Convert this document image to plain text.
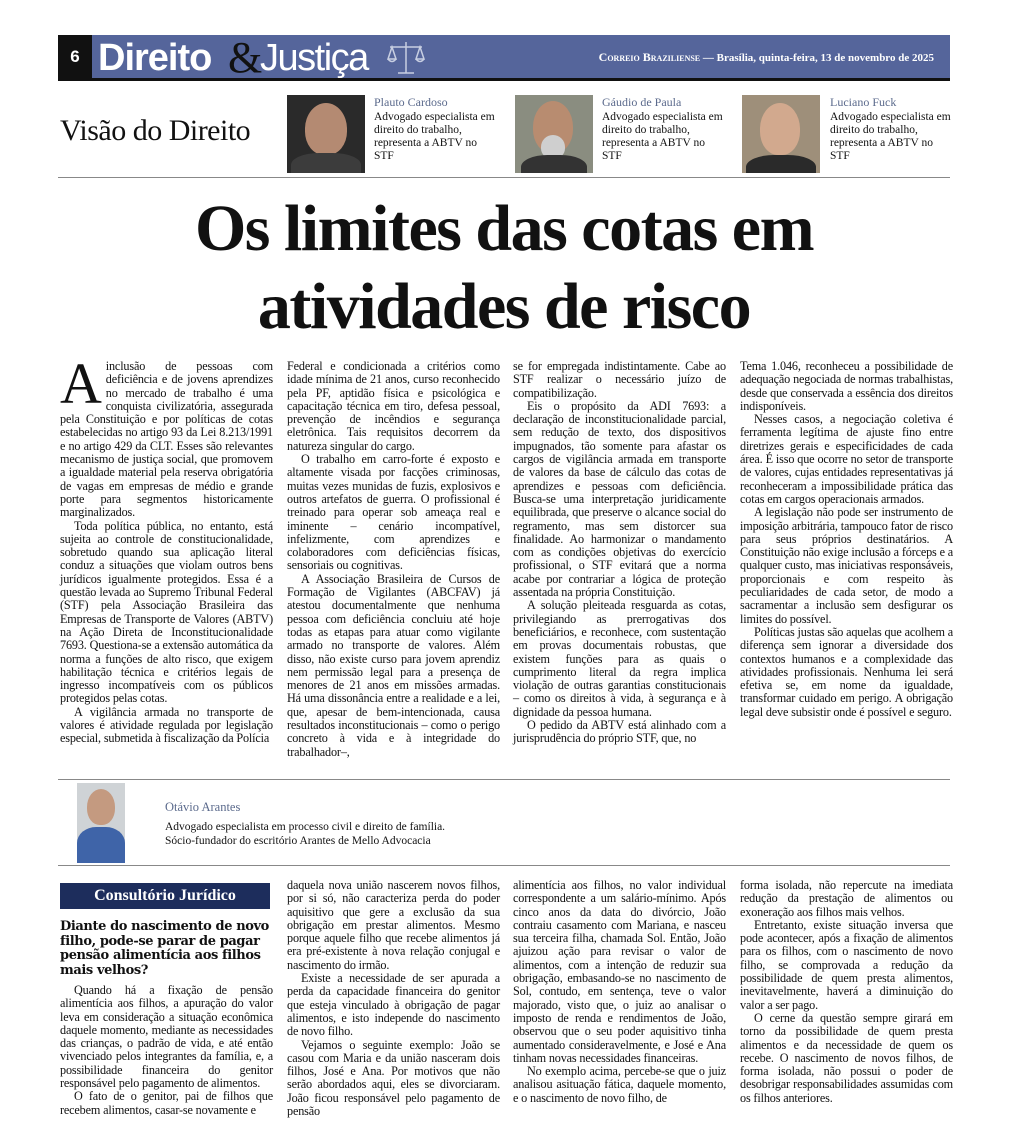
6 Direito &
Justiça	Correio Braziliense — Brasília, quinta-feira, 13 de novembro de 2025
Visão do Direito
Plauto Cardoso
Advogado especialista em direito do trabalho, representa a ABTV no STF
Gáudio de Paula
Advogado especialista em direito do trabalho, representa a ABTV no STF
Luciano Fuck
Advogado especialista em direito do trabalho, representa a ABTV no STF
Os limites das cotas em
atividades de risco

Ainclusão de pessoas com deficiência e de jovens aprendizes no mercado de trabalho é uma conquista civilizatória, assegurada pela Constituição e por políticas de cotas estabelecidas no artigo 93 da Lei 8.213/1991 e no artigo 429 da CLT. Esses são relevantes mecanismo de justiça social, que promovem a igualdade material pela reserva obrigatória de vagas em empresas de médio e grande porte para segmentos historicamente marginalizados.

Toda política pública, no entanto, está sujeita ao controle de constitucionalidade, sobretudo quando sua aplicação literal conduz a situações que violam outros bens jurídicos igualmente protegidos. Essa é a questão levada ao Supremo Tribunal Federal (STF) pela Associação Brasileira das Empresas de Transporte de Valores (ABTV) na Ação Direta de Inconstitucionalidade 7693. Questiona-se a extensão automática da norma a funções de alto risco, que exigem habilitação técnica e critérios legais de ingresso incompatíveis com os públicos protegidos pelas cotas.

A vigilância armada no transporte de valores é atividade regulada por legislação especial, submetida à fiscalização da Polícia

Federal e condicionada a critérios como idade mínima de 21 anos, curso reconhecido pela PF, aptidão física e psicológica e capacitação técnica em tiro, defesa pessoal, prevenção de incêndios e segurança eletrônica. Tais requisitos decorrem da natureza singular do cargo.

O trabalho em carro-forte é exposto e altamente visada por facções criminosas, muitas vezes munidas de fuzis, explosivos e outros artefatos de guerra. O profissional é treinado para operar sob ameaça real e iminente – cenário incompatível, infelizmente, com aprendizes e colaboradores com deficiências físicas, sensoriais ou cognitivas.

A Associação Brasileira de Cursos de Formação de Vigilantes (ABCFAV) já atestou documentalmente que nenhuma pessoa com deficiência concluiu até hoje todas as etapas para atuar como vigilante armado no transporte de valores. Além disso, não existe curso para jovem aprendiz nem permissão legal para a presença de menores de 21 anos em missões armadas. Há uma dissonância entre a realidade e a lei, que, apesar de bem-intencionada, causa resultados inconstitucionais – como o perigo concreto à vida e à integridade do trabalhador–,

se for empregada indistintamente. Cabe ao STF realizar o necessário juízo de compatibilização.

Eis o propósito da ADI 7693: a declaração de inconstitucionalidade parcial, sem redução de texto, dos dispositivos impugnados, tão somente para afastar os cargos de vigilância armada em transporte de valores da base de cálculo das cotas de aprendizes e pessoas com deficiência. Busca-se uma interpretação juridicamente equilibrada, que preserve o alcance social do regramento, mas sem distorcer sua finalidade. Ao harmonizar o mandamento com as condições objetivas do exercício profissional, o STF evitará que a norma acabe por contrariar a lógica de proteção assentada na própria Constituição.

A solução pleiteada resguarda as cotas, privilegiando as prerrogativas dos beneficiários, e reconhece, com sustentação em provas documentais robustas, que existem funções para as quais o cumprimento literal da regra implica violação de outras garantias constitucionais – como os direitos à vida, à segurança e à dignidade da pessoa humana.

O pedido da ABTV está alinhado com a jurisprudência do próprio STF, que, no

Tema 1.046, reconheceu a possibilidade de adequação negociada de normas trabalhistas, desde que conservada a essência dos direitos indisponíveis.

Nesses casos, a negociação coletiva é ferramenta legítima de ajuste fino entre diretrizes gerais e especificidades de cada área. É isso que ocorre no setor de transporte de valores, cujas entidades representativas já reconheceram a impossibilidade prática das cotas em cargos operacionais armados.

A legislação não pode ser instrumento de imposição arbitrária, tampouco fator de risco para seus próprios destinatários. A Constituição não exige inclusão a fórceps e a qualquer custo, mas iniciativas responsáveis, proporcionais e com respeito às peculiaridades de cada setor, de modo a sacramentar a inclusão sem desfigurar os limites do possível.

Políticas justas são aquelas que acolhem a diferença sem ignorar a diversidade dos contextos humanos e a complexidade das atividades profissionais. Nenhuma lei será efetiva se, em nome da igualdade, transformar cuidado em perigo. A obrigação legal deve subsistir onde é possível e seguro.

Otávio Arantes
Advogado especialista em processo civil e direito de família.
Sócio-fundador do escritório Arantes de Mello Advocacia
Consultório Jurídico
Diante do nascimento de novo filho, pode-se parar de pagar pensão alimentícia aos filhos mais velhos?

Quando há a fixação de pensão alimentícia aos filhos, a apuração do valor leva em consideração a situação econômica daquele momento, mediante as necessidades das crianças, o padrão de vida, e até então vivenciado pelos integrantes da família, e, a possibilidade financeira do genitor responsável pelo pagamento de alimentos.

O fato de o genitor, pai de filhos que recebem alimentos, casar-se novamente e

daquela nova união nascerem novos filhos, por si só, não caracteriza perda do poder aquisitivo que gere a exclusão da sua obrigação em prestar alimentos. Mesmo porque aquele filho que recebe alimentos já era pré-existente à nova relação conjugal e nascimento do irmão.

Existe a necessidade de ser apurada a perda da capacidade financeira do genitor que esteja vinculado à obrigação de pagar alimentos, e isto independe do nascimento de novo filho.

Vejamos o seguinte exemplo: João se casou com Maria e da união nasceram dois filhos, José e Ana. Por motivos que não serão abordados aqui, eles se divorciaram. João ficou responsável pelo pagamento de pensão

alimentícia aos filhos, no valor individual correspondente a um salário-mínimo. Após cinco anos da data do divórcio, João contraiu casamento com Mariana, e nasceu sua terceira filha, chamada Sol. Então, João ajuizou ação para revisar o valor de alimentos, com a intenção de reduzir sua obrigação, embasando-se no nascimento de Sol, contudo, em sentença, teve o valor majorado, visto que, o juiz ao analisar o imposto de renda e rendimentos de João, observou que o seu poder aquisitivo tinha aumentado consideravelmente, e José e Ana tinham novas necessidades financeiras.

No exemplo acima, percebe-se que o juiz analisou asituação fática, daquele momento, e o nascimento de novo filho, de

forma isolada, não repercute na imediata redução da prestação de alimentos ou exoneração aos filhos mais velhos.

Entretanto, existe situação inversa que pode acontecer, após a fixação de alimentos para os filhos, com o nascimento de novo filho, se comprovada a redução da possibilidade de quem presta alimentos, inevitavelmente, haverá a diminuição do valor a ser pago.

O cerne da questão sempre girará em torno da possibilidade de quem presta alimentos e da necessidade de quem os recebe. O nascimento de novos filhos, de forma isolada, não possui o poder de desobrigar responsabilidades assumidas com os filhos anteriores.
